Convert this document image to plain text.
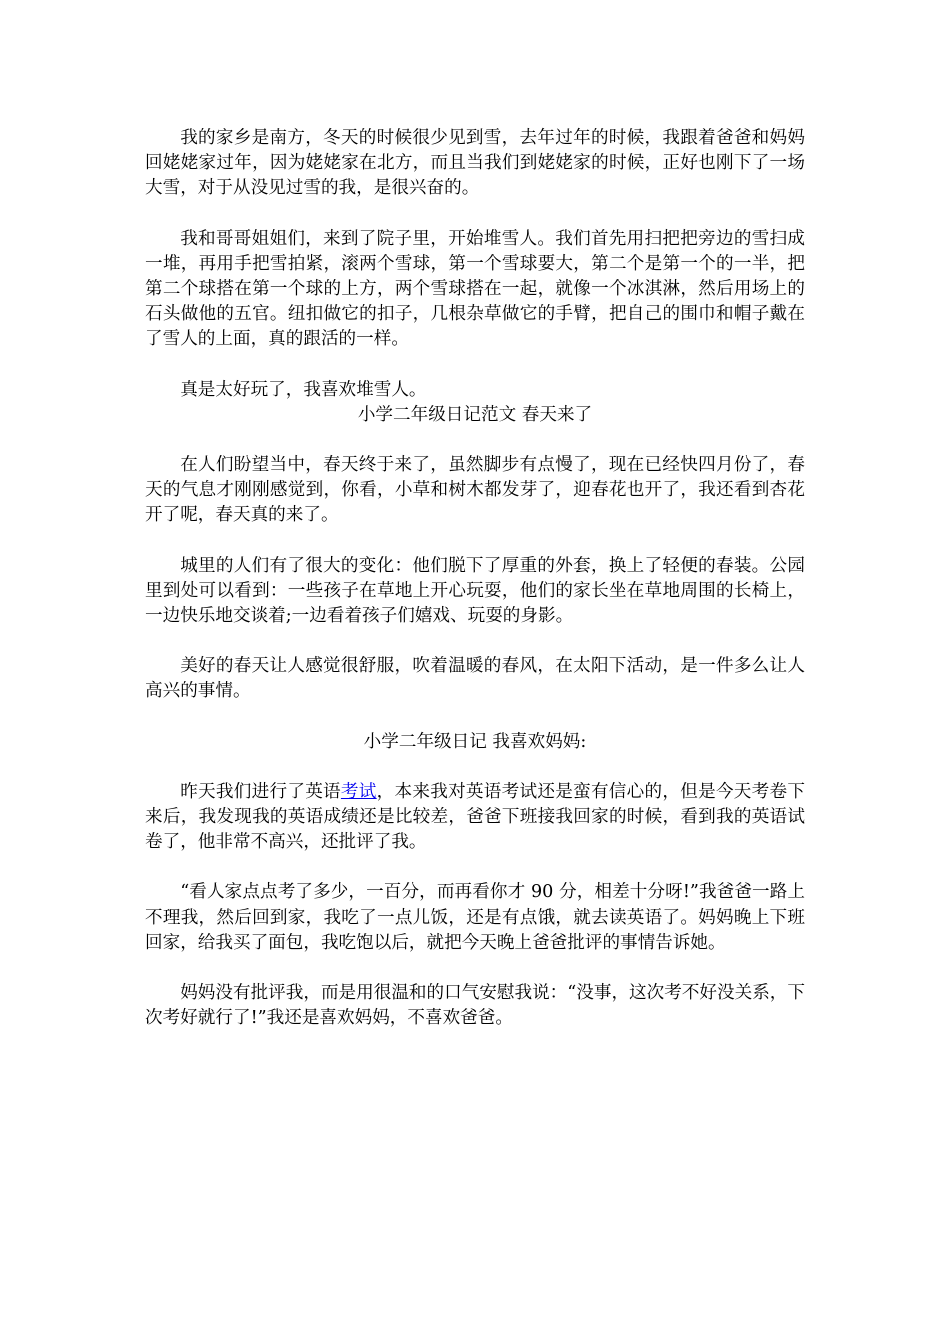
我的家乡是南方，冬天的时候很少见到雪，去年过年的时候，我跟着爸爸和妈妈回姥姥家过年，因为姥姥家在北方，而且当我们到姥姥家的时候，正好也刚下了一场大雪，对于从没见过雪的我，是很兴奋的。

我和哥哥姐姐们，来到了院子里，开始堆雪人。我们首先用扫把把旁边的雪扫成一堆，再用手把雪拍紧，滚两个雪球，第一个雪球要大，第二个是第一个的一半，把第二个球搭在第一个球的上方，两个雪球搭在一起，就像一个冰淇淋，然后用场上的石头做他的五官。纽扣做它的扣子，几根杂草做它的手臂，把自己的围巾和帽子戴在了雪人的上面，真的跟活的一样。

真是太好玩了，我喜欢堆雪人。

小学二年级日记范文 春天来了

在人们盼望当中，春天终于来了，虽然脚步有点慢了，现在已经快四月份了，春天的气息才刚刚感觉到，你看，小草和树木都发芽了，迎春花也开了，我还看到杏花开了呢，春天真的来了。

城里的人们有了很大的变化：他们脱下了厚重的外套，换上了轻便的春装。公园里到处可以看到：一些孩子在草地上开心玩耍，他们的家长坐在草地周围的长椅上，一边快乐地交谈着;一边看着孩子们嬉戏、玩耍的身影。

美好的春天让人感觉很舒服，吹着温暖的春风，在太阳下活动，是一件多么让人高兴的事情。

小学二年级日记 我喜欢妈妈:

昨天我们进行了英语考试，本来我对英语考试还是蛮有信心的，但是今天考卷下来后，我发现我的英语成绩还是比较差，爸爸下班接我回家的时候，看到我的英语试卷了，他非常不高兴，还批评了我。

“看人家点点考了多少，一百分，而再看你才 90 分，相差十分呀!”我爸爸一路上不理我，然后回到家，我吃了一点儿饭，还是有点饿，就去读英语了。妈妈晚上下班回家，给我买了面包，我吃饱以后，就把今天晚上爸爸批评的事情告诉她。

妈妈没有批评我，而是用很温和的口气安慰我说：“没事，这次考不好没关系，下次考好就行了!”我还是喜欢妈妈，不喜欢爸爸。
